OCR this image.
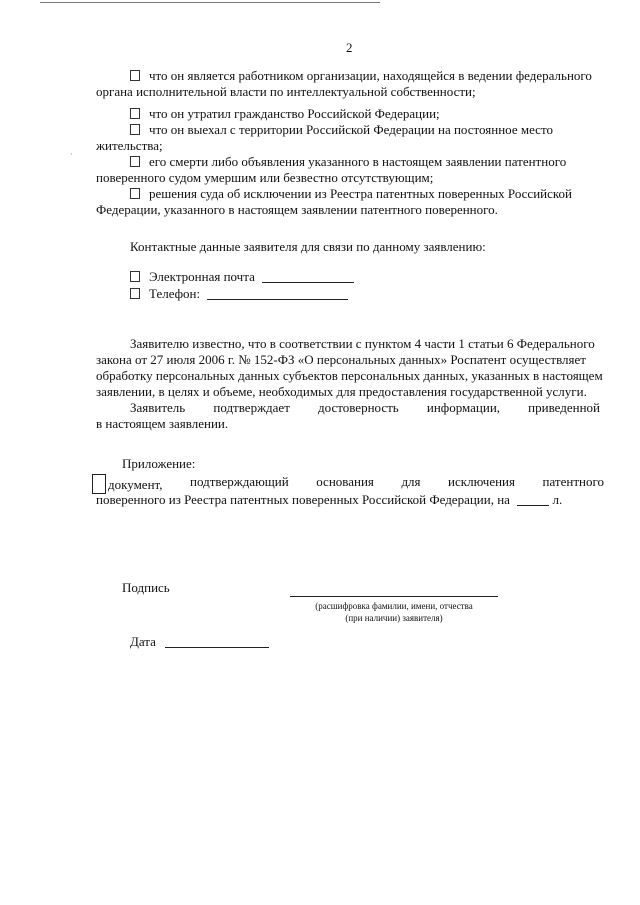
·
2
что он является работником организации, находящейся в ведении федерального
органа исполнительной власти по интеллектуальной собственности;
что он утратил гражданство Российской Федерации;
что он выехал с территории Российской Федерации на постоянное место
жительства;
его смерти либо объявления указанного в настоящем заявлении патентного
поверенного судом умершим или безвестно отсутствующим;
решения суда об исключении из Реестра патентных поверенных Российской
Федерации, указанного в настоящем заявлении патентного поверенного.
Контактные данные заявителя для связи по данному заявлению:
Электронная почта
Телефон:
Заявителю известно, что в соответствии с пунктом 4 части 1 статьи 6 Федерального
закона от 27 июля 2006 г. № 152-ФЗ «О персональных данных» Роспатент осуществляет
обработку персональных данных субъектов персональных данных, указанных в настоящем
заявлении, в целях и объеме, необходимых для предоставления государственной услуги.
Заявитель подтверждает достоверность информации, приведенной
в настоящем заявлении.
Приложение:
документ, подтверждающий основания для исключения патентного
поверенного из Реестра патентных поверенных Российской Федерации, на	л.
Подпись
(расшифровка фамилии, имени, отчества
(при наличии) заявителя)
Дата
